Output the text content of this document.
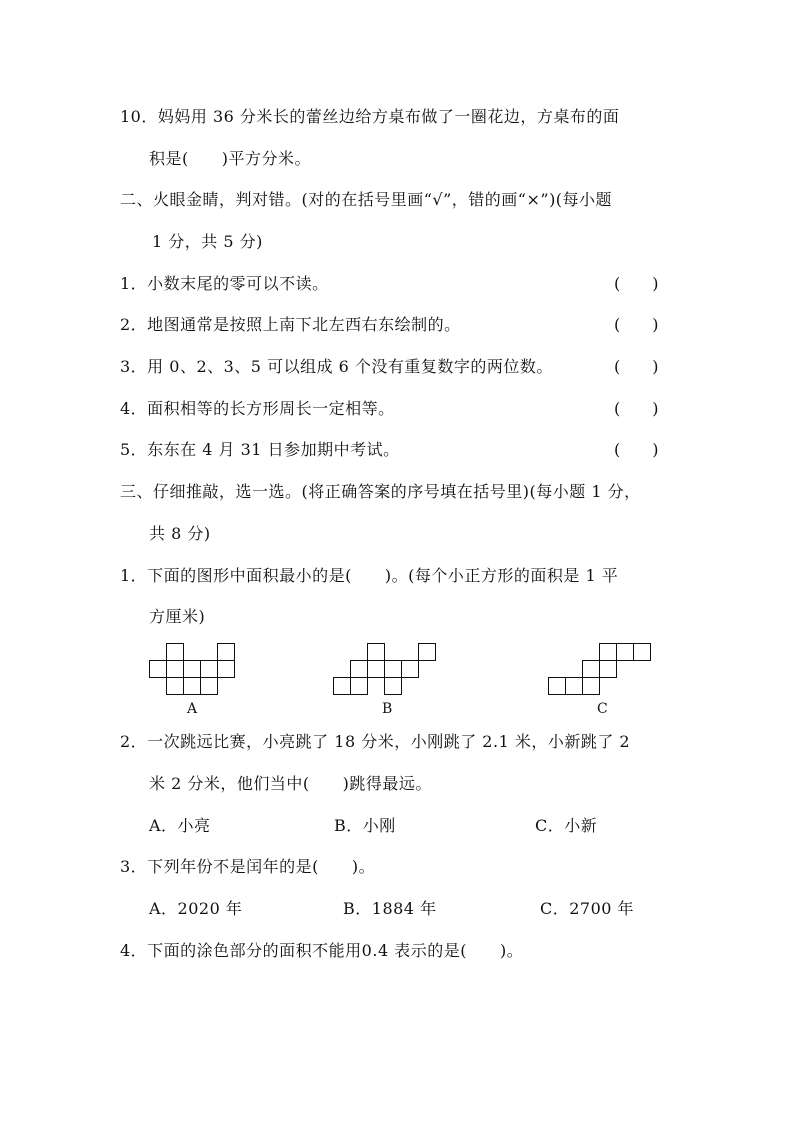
10．妈妈用 36 分米长的蕾丝边给方桌布做了一圈花边，方桌布的面
积是(　　)平方分米。
二、火眼金睛，判对错。(对的在括号里画“√”，错的画“×”)(每小题
1 分，共 5 分)
1．小数末尾的零可以不读。	(　　)
2．地图通常是按照上南下北左西右东绘制的。	(　　)
3．用 0、2、3、5 可以组成 6 个没有重复数字的两位数。	(　　)
4．面积相等的长方形周长一定相等。	(　　)
5．东东在 4 月 31 日参加期中考试。	(　　)
三、仔细推敲，选一选。(将正确答案的序号填在括号里)(每小题 1 分，
共 8 分)
1．下面的图形中面积最小的是(　　)。(每个小正方形的面积是 1 平
方厘米)
A	B	C
2．一次跳远比赛，小亮跳了 18 分米，小刚跳了 2.1 米，小新跳了 2
米 2 分米，他们当中(　　)跳得最远。
A．小亮	B．小刚	C．小新
3．下列年份不是闰年的是(　　)。
A．2020 年	B．1884 年	C．2700 年
4．下面的涂色部分的面积不能用0.4 表示的是(　　)。
